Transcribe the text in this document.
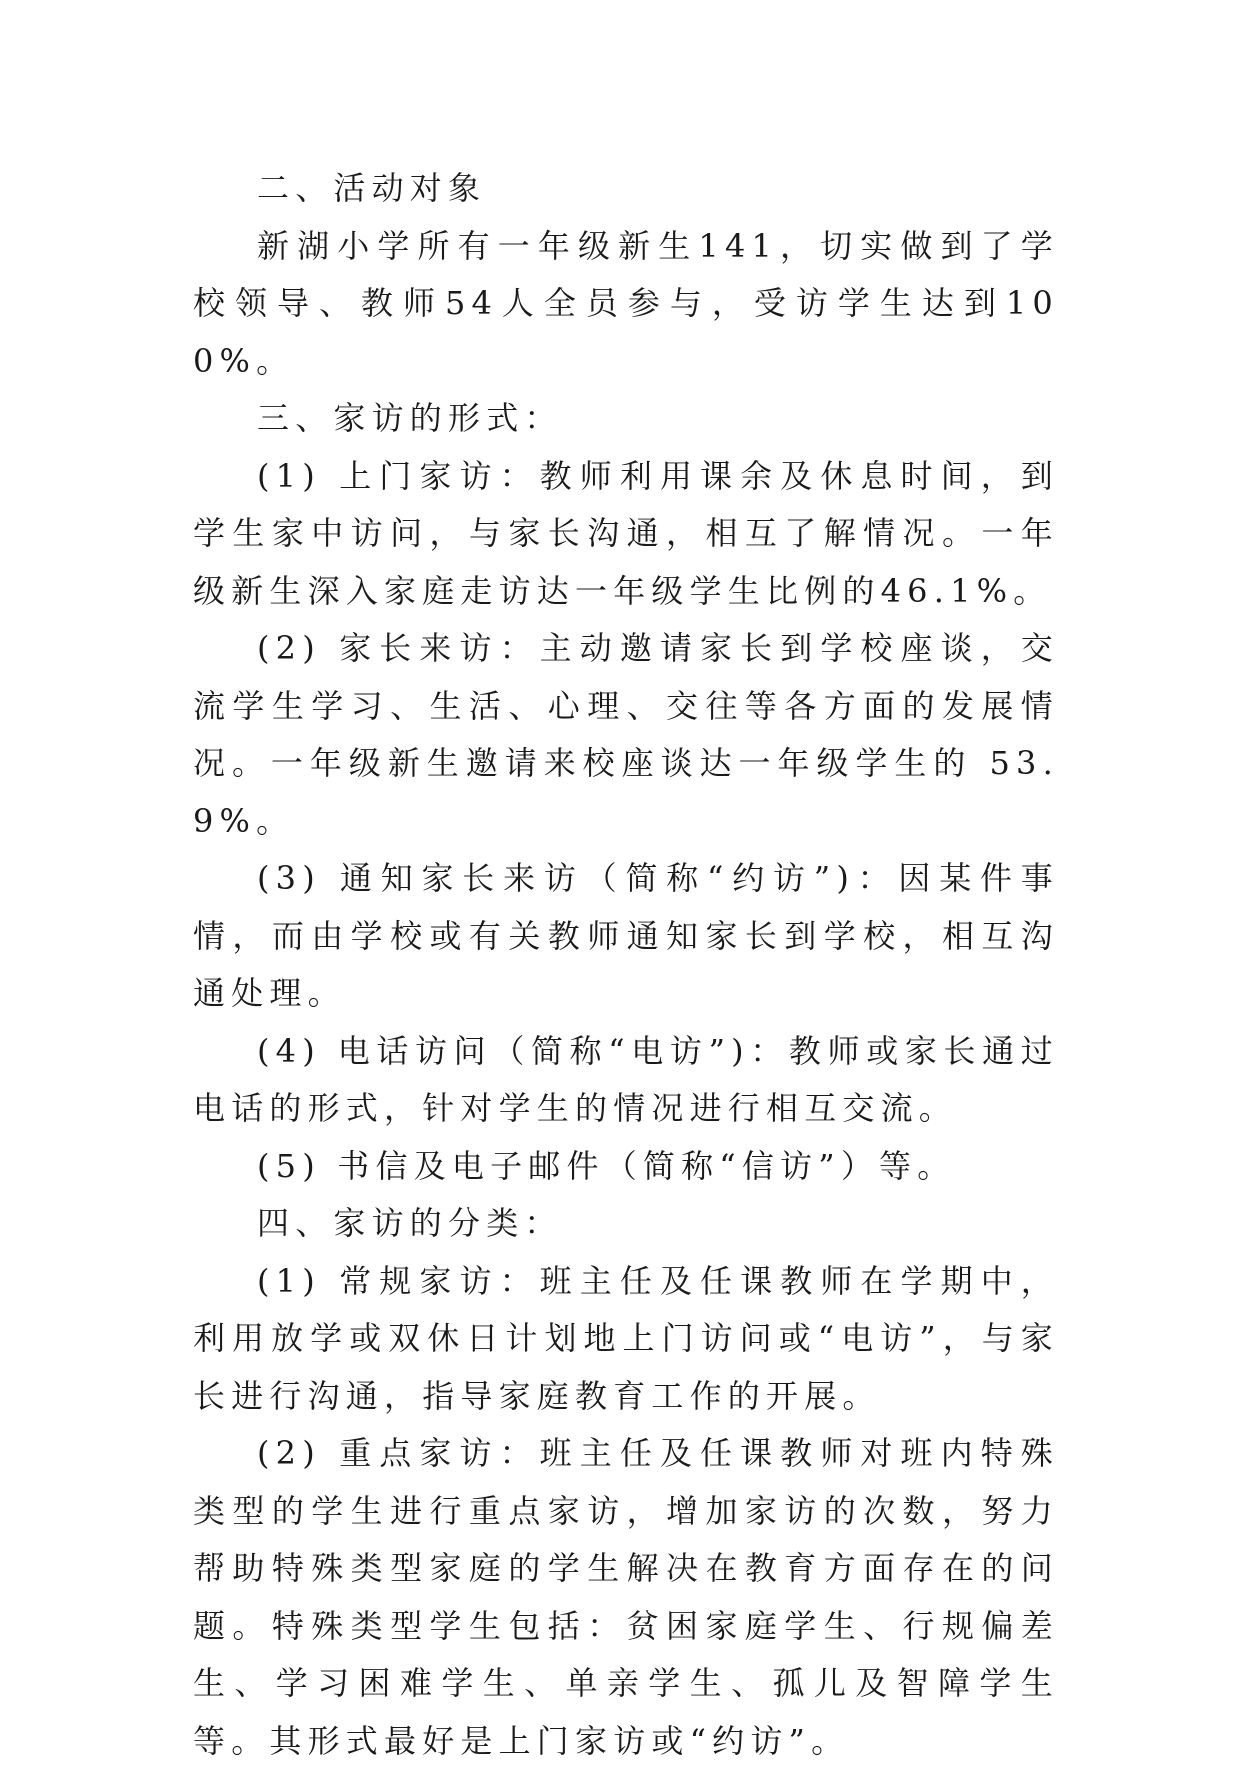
二、活动对象

新湖小学所有一年级新生141，切实做到了学校领导、教师54人全员参与，受访学生达到100%。

三、家访的形式：

(1) 上门家访：教师利用课余及休息时间，到学生家中访问，与家长沟通，相互了解情况。一年级新生深入家庭走访达一年级学生比例的46.1%。

(2) 家长来访：主动邀请家长到学校座谈，交流学生学习、生活、心理、交往等各方面的发展情况。一年级新生邀请来校座谈达一年级学生的 53.9%。

(3) 通知家长来访（简称“约访”)：因某件事情，而由学校或有关教师通知家长到学校，相互沟通处理。

(4) 电话访问（简称“电访”)：教师或家长通过电话的形式，针对学生的情况进行相互交流。

(5) 书信及电子邮件（简称“信访”）等。

四、家访的分类：

(1) 常规家访：班主任及任课教师在学期中，利用放学或双休日计划地上门访问或“电访”，与家长进行沟通，指导家庭教育工作的开展。

(2) 重点家访：班主任及任课教师对班内特殊类型的学生进行重点家访，增加家访的次数，努力帮助特殊类型家庭的学生解决在教育方面存在的问题。特殊类型学生包括：贫困家庭学生、行规偏差生、学习困难学生、单亲学生、孤儿及智障学生等。其形式最好是上门家访或“约访”。
